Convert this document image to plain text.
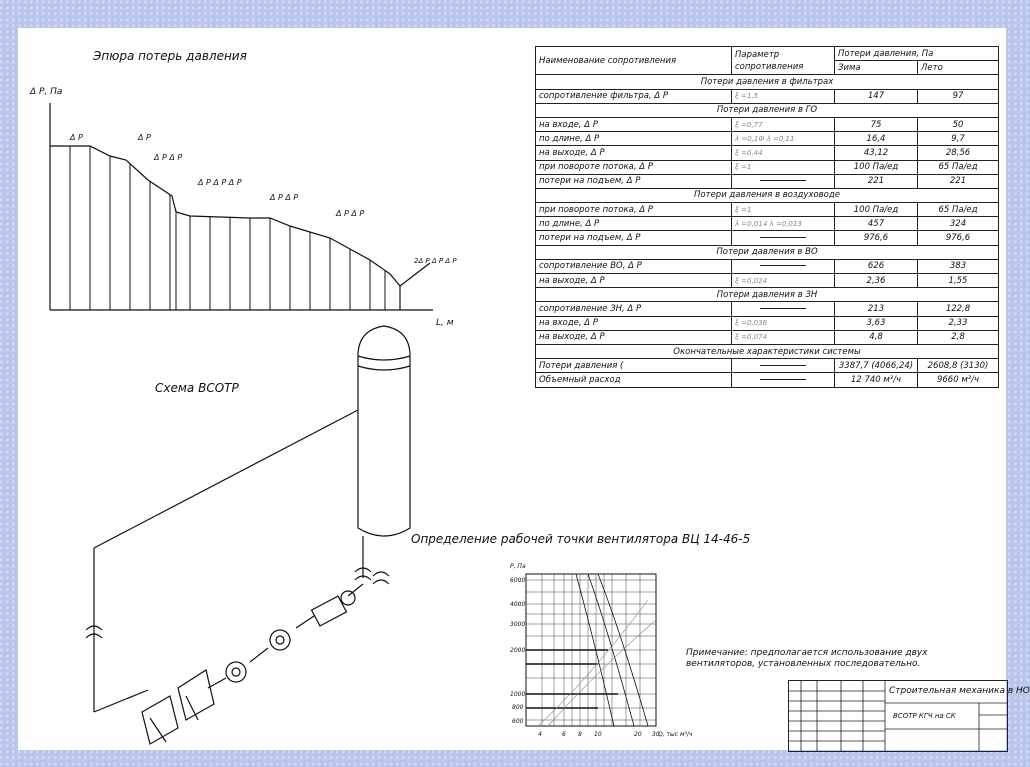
Эпюра потерь давления
Δ Р, Па
L, м
Δ Р	Δ Р
Δ Р Δ Р
Δ Р Δ Р Δ Р
Δ Р Δ Р
Δ Р Δ Р
2Δ Р Δ Р Δ Р
Схема ВСОТР
Определение рабочей точки вентилятора ВЦ 14-46-5
Р, Па
6000
4000
3000
2000
1000
800
600
4	6 8 10	20 30
Q, тыс м³/ч
Примечание: предполагается использование двух
вентиляторов, установленных последовательно.
Наименование сопротивления	Параметр сопротивления	Потери давления, Па	
		Зима	Лето
Потери давления в фильтрах			
сопротивление фильтра, Δ Р	ξ =1,5	147	97
Потери давления в ГО			
на входе, Δ Р	ξ =0,77	75	50
по длине, Δ Р	λ =0,1Ф λ =0,11	16,4	9,7
на выходе, Δ Р	ξ =0,44	43,12	28,56
при повороте потока, Δ Р	ξ =1	100 Па/ед	65 Па/ед
потери на подъем, Δ Р		221	221
Потери давления в воздуховоде			
при повороте потока, Δ Р	ξ =1	100 Па/ед	65 Па/ед
по длине, Δ Р	λ =0,014 λ =0,013	457	324
потери на подъем, Δ Р		976,6	976,6
Потери давления в ВО			
сопротивление ВО, Δ Р		626	383
на выходе, Δ Р	ξ =0,024	2,36	1,55
Потери давления в ЗН			
сопротивление ЗН, Δ Р		213	122,8
на входе, Δ Р	ξ =0,036	3,63	2,33
на выходе, Δ Р	ξ =0,074	4,8	2,8
Окончательные характеристики системы			
Потери давления (		3387,7 (4066,24)	2608,8 (3130)
Объемный расход		12 740 м³/ч	9660 м³/ч
Строительная механика в НО
ВСОТР КГЧ на СК
